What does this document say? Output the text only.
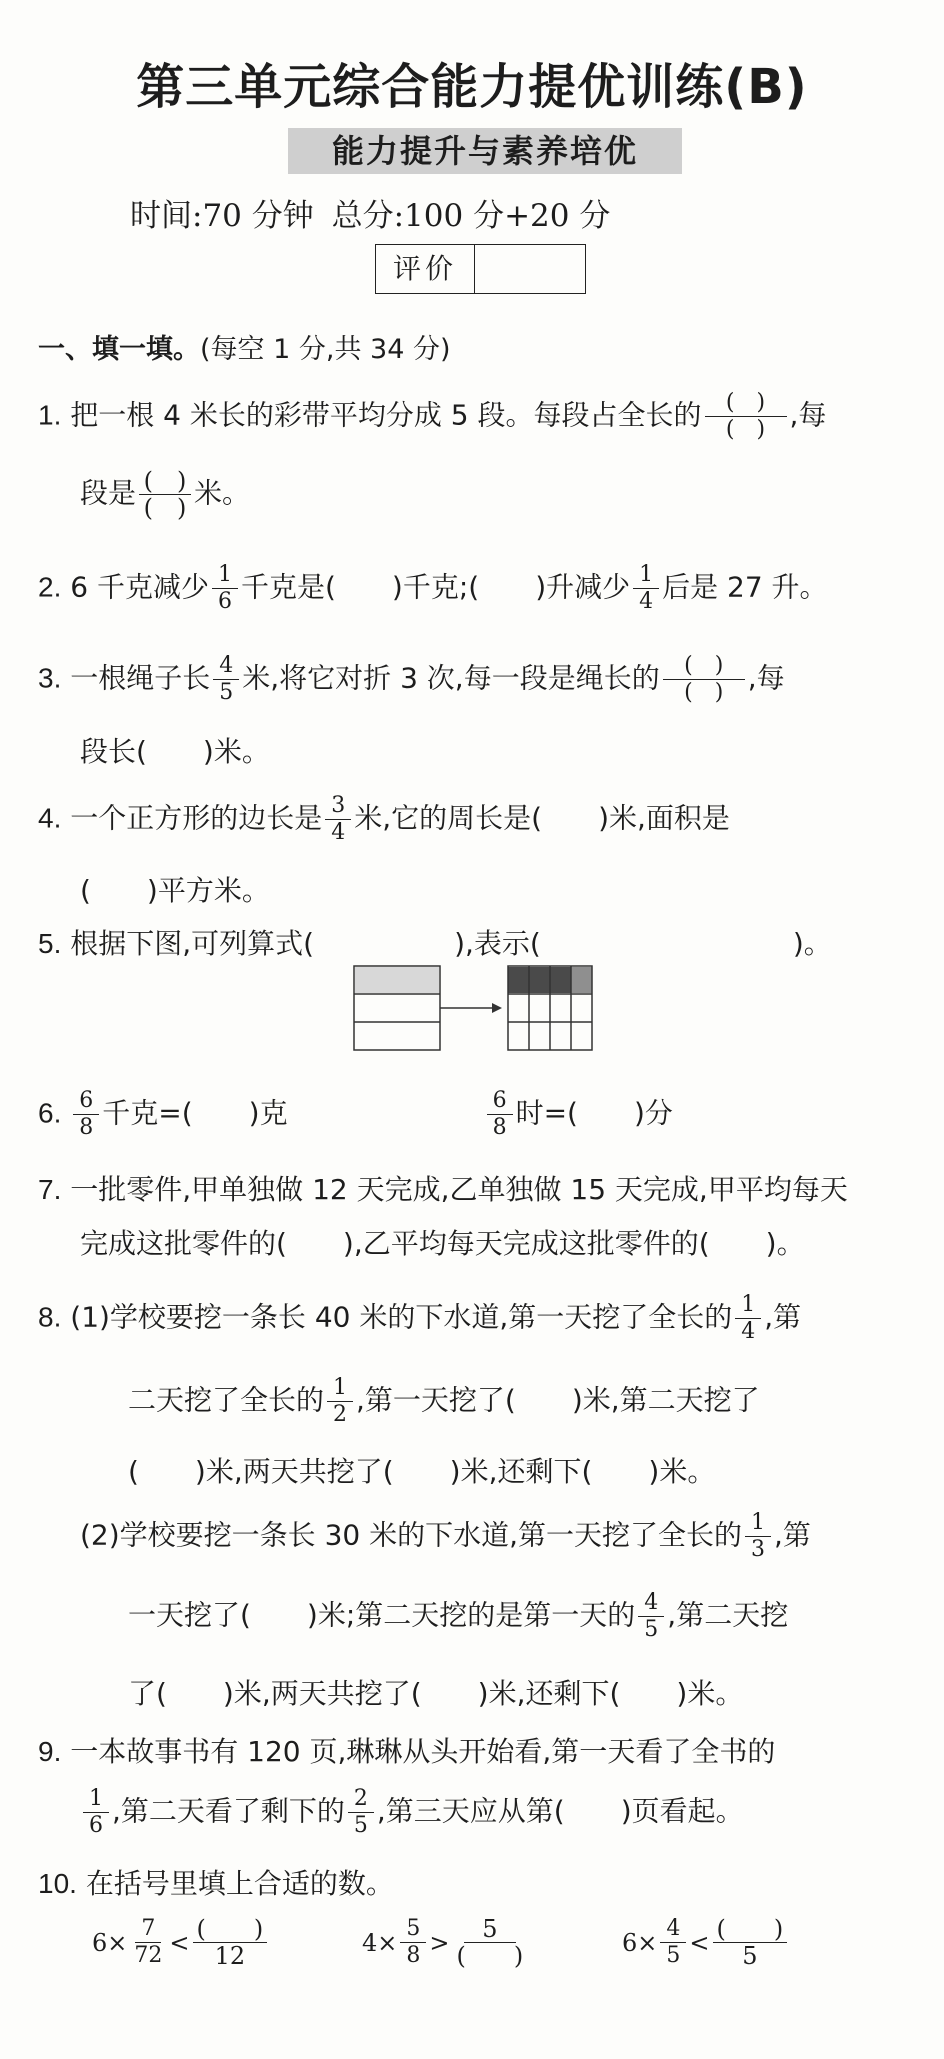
第三单元综合能力提优训练(B)
能力提升与素养培优
时间:70 分钟 总分:100 分+20 分
评价
一、填一填。(每空 1 分,共 34 分)
1. 把一根 4 米长的彩带平均分成 5 段。每段占全长的 $\frac{( )}{( )}$ ,每
段是 $\frac{( )}{( )}$ 米。
2. 6 千克减少 $\frac{1}{6}$ 千克是(　　)千克;(　　)升减少 $\frac{1}{4}$ 后是 27 升。
3. 一根绳子长 $\frac{4}{5}$ 米,将它对折 3 次,每一段是绳长的 $\frac{( )}{( )}$ ,每
段长(　　)米。
4. 一个正方形的边长是 $\frac{3}{4}$ 米,它的周长是(　　)米,面积是
(　　)平方米。
5. 根据下图,可列算式(　　　　　),表示(　　　　　　　　　)。
6. $\frac{6}{8}$ 千克=(　　)克	$\frac{6}{8}$ 时=(　　)分
7. 一批零件,甲单独做 12 天完成,乙单独做 15 天完成,甲平均每天
完成这批零件的(　　),乙平均每天完成这批零件的(　　)。
8. (1)学校要挖一条长 40 米的下水道,第一天挖了全长的 $\frac{1}{4}$ ,第
二天挖了全长的 $\frac{1}{2}$ ,第一天挖了(　　)米,第二天挖了
(　　)米,两天共挖了(　　)米,还剩下(　　)米。
(2)学校要挖一条长 30 米的下水道,第一天挖了全长的 $\frac{1}{3}$ ,第
一天挖了(　　)米;第二天挖的是第一天的 $\frac{4}{5}$ ,第二天挖
了(　　)米,两天共挖了(　　)米,还剩下(　　)米。
9. 一本故事书有 120 页,琳琳从头开始看,第一天看了全书的
$\frac{1}{6}$ ,第二天看了剩下的 $\frac{2}{5}$ ,第三天应从第(　　)页看起。
10. 在括号里填上合适的数。
$6\times \frac{7}{72} < \frac{( )}{12}$	$4\times \frac{5}{8} > \frac{5}{( )}$	$6\times \frac{4}{5} < \frac{( )}{5}$
